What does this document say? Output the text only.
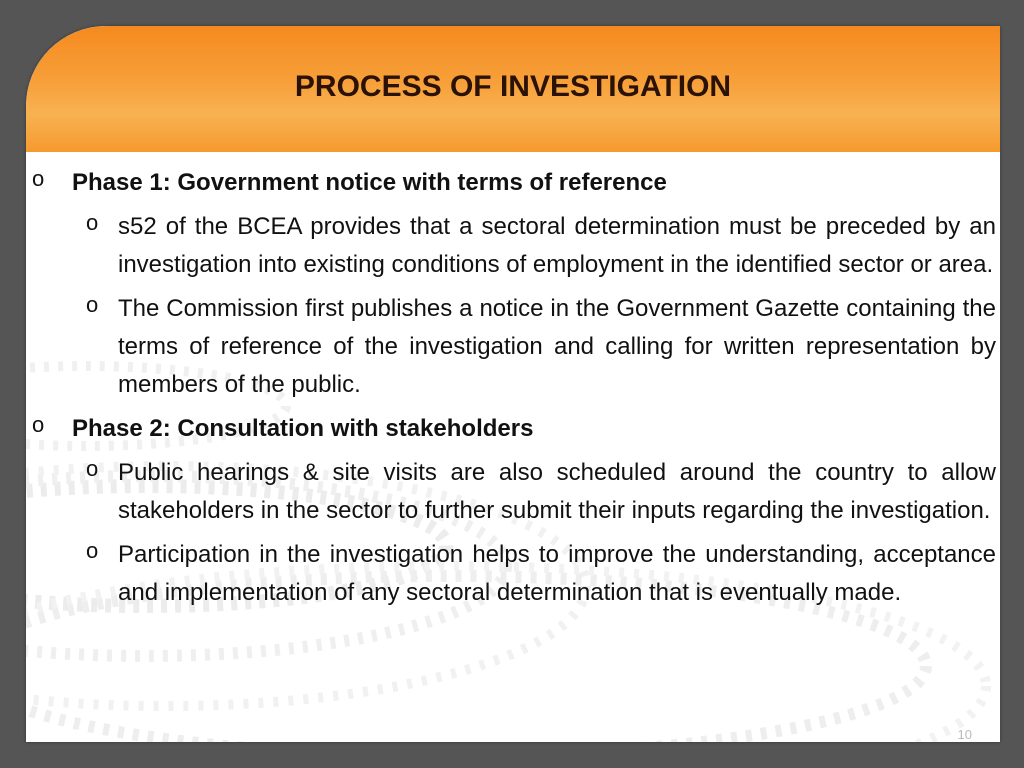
PROCESS OF INVESTIGATION
o Phase 1: Government notice with terms of reference
o s52 of the BCEA provides that a sectoral determination must be preceded by an investigation into existing conditions of employment in the identified sector or area.
o The Commission first publishes a notice in the Government Gazette containing the terms of reference of the investigation and calling for written representation by members of the public.
o Phase 2: Consultation with stakeholders
o Public hearings & site visits are also scheduled around the country to allow stakeholders in the sector to further submit their inputs regarding the investigation.
o Participation in the investigation helps to improve the understanding, acceptance and implementation of any sectoral determination that is eventually made.
10
